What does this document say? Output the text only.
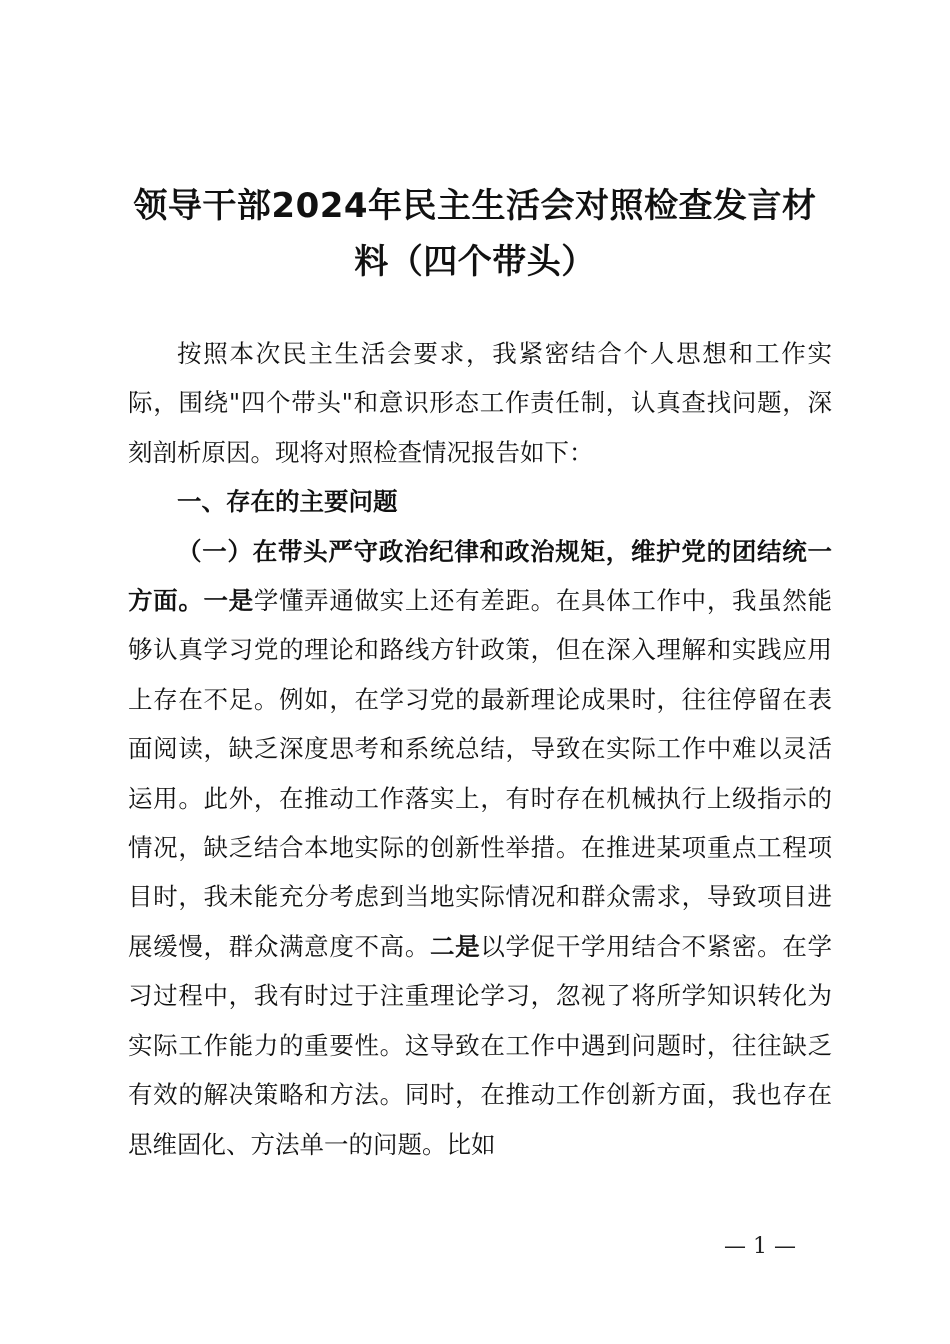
领导干部2024年民主生活会对照检查发言材料（四个带头）

按照本次民主生活会要求，我紧密结合个人思想和工作实际，围绕"四个带头"和意识形态工作责任制，认真查找问题，深刻剖析原因。现将对照检查情况报告如下：

一、存在的主要问题

（一）在带头严守政治纪律和政治规矩，维护党的团结统一方面。一是学懂弄通做实上还有差距。在具体工作中，我虽然能够认真学习党的理论和路线方针政策，但在深入理解和实践应用上存在不足。例如，在学习党的最新理论成果时，往往停留在表面阅读，缺乏深度思考和系统总结，导致在实际工作中难以灵活运用。此外，在推动工作落实上，有时存在机械执行上级指示的情况，缺乏结合本地实际的创新性举措。在推进某项重点工程项目时，我未能充分考虑到当地实际情况和群众需求，导致项目进展缓慢，群众满意度不高。二是以学促干学用结合不紧密。在学习过程中，我有时过于注重理论学习，忽视了将所学知识转化为实际工作能力的重要性。这导致在工作中遇到问题时，往往缺乏有效的解决策略和方法。同时，在推动工作创新方面，我也存在思维固化、方法单一的问题。比如

— 1 —
